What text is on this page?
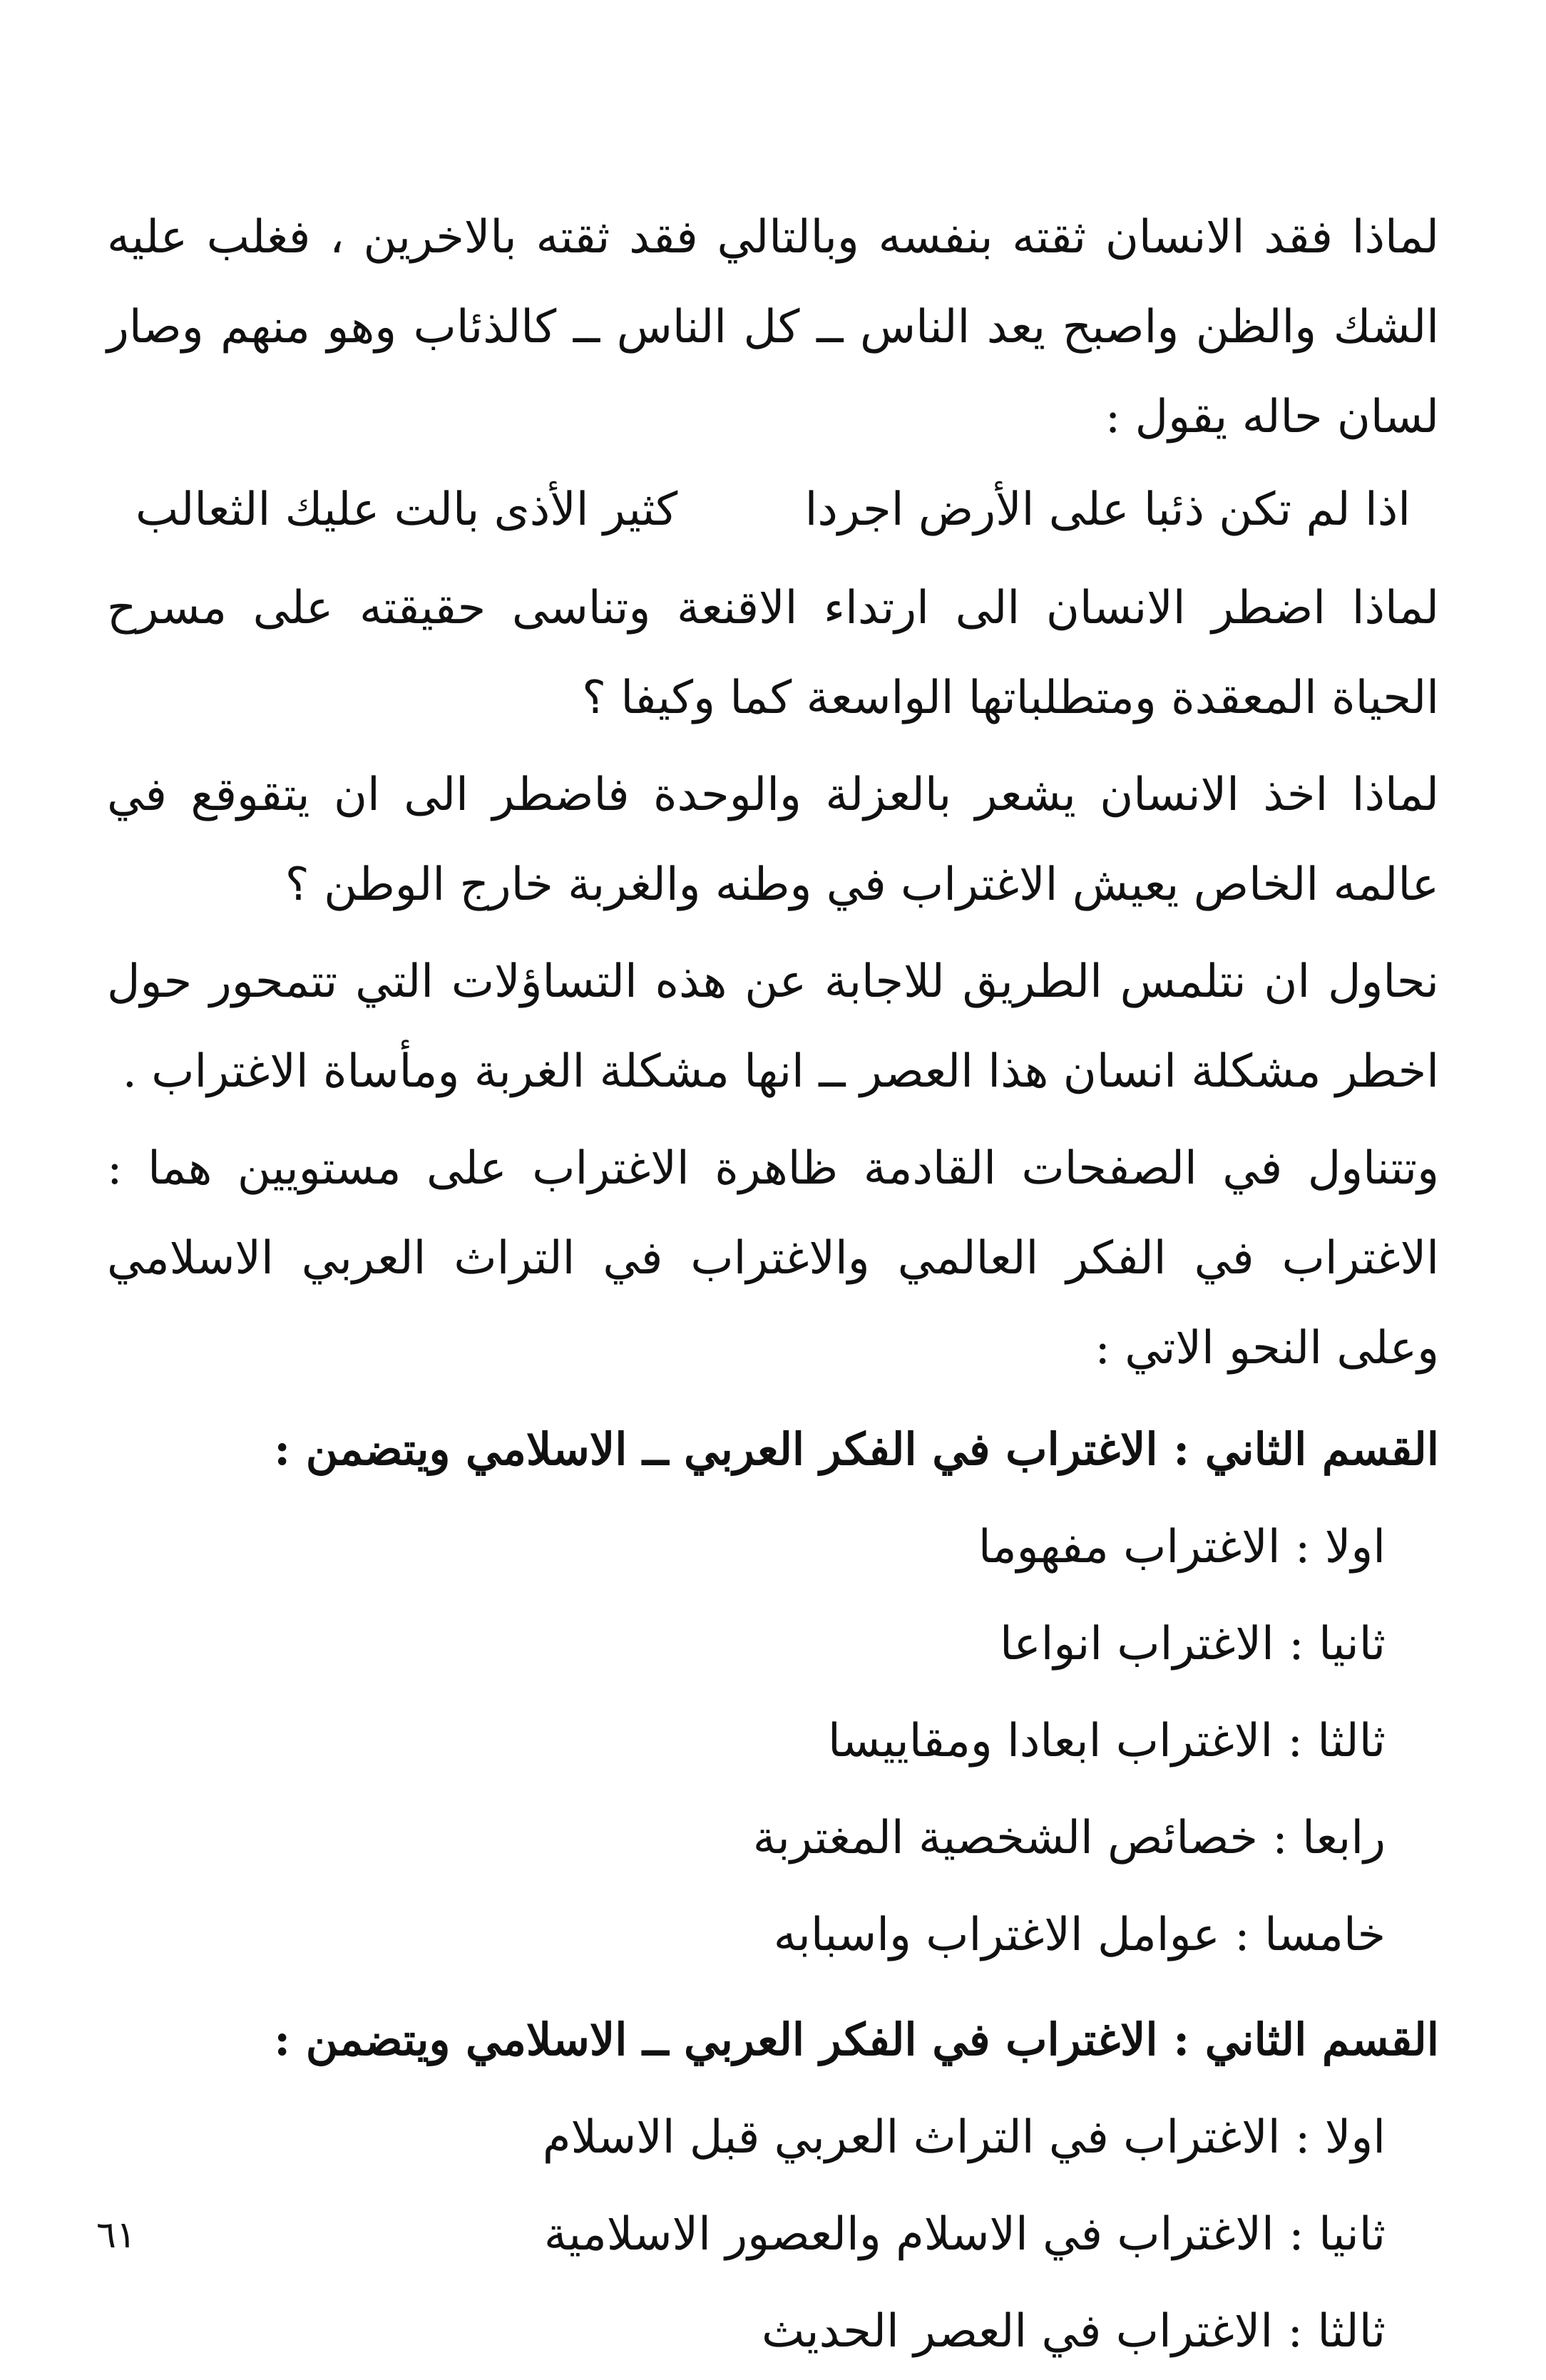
لماذا فقد الانسان ثقته بنفسه وبالتالي فقد ثقته بالاخرين ، فغلب عليه الشك والظن واصبح يعد الناس ــ كل الناس ــ كالذئاب وهو منهم وصار لسان حاله يقول :

اذا لم تكن ذئبا على الأرض اجردا
كثير الأذى بالت عليك الثعالب

لماذا اضطر الانسان الى ارتداء الاقنعة وتناسى حقيقته على مسرح الحياة المعقدة ومتطلباتها الواسعة كما وكيفا ؟

لماذا اخذ الانسان يشعر بالعزلة والوحدة فاضطر الى ان يتقوقع في عالمه الخاص يعيش الاغتراب في وطنه والغربة خارج الوطن ؟

نحاول ان نتلمس الطريق للاجابة عن هذه التساؤلات التي تتمحور حول اخطر مشكلة انسان هذا العصر ــ انها مشكلة الغربة ومأساة الاغتراب .

وتتناول في الصفحات القادمة ظاهرة الاغتراب على مستويين هما : الاغتراب في الفكر العالمي والاغتراب في التراث العربي الاسلامي وعلى النحو الاتي :

القسم الثاني : الاغتراب في الفكر العربي ــ الاسلامي ويتضمن :
اولا : الاغتراب مفهوما
ثانيا : الاغتراب انواعا
ثالثا : الاغتراب ابعادا ومقاييسا
رابعا : خصائص الشخصية المغتربة
خامسا : عوامل الاغتراب واسبابه
القسم الثاني : الاغتراب في الفكر العربي ــ الاسلامي ويتضمن :
اولا : الاغتراب في التراث العربي قبل الاسلام
ثانيا : الاغتراب في الاسلام والعصور الاسلامية
ثالثا : الاغتراب في العصر الحديث
٦١
